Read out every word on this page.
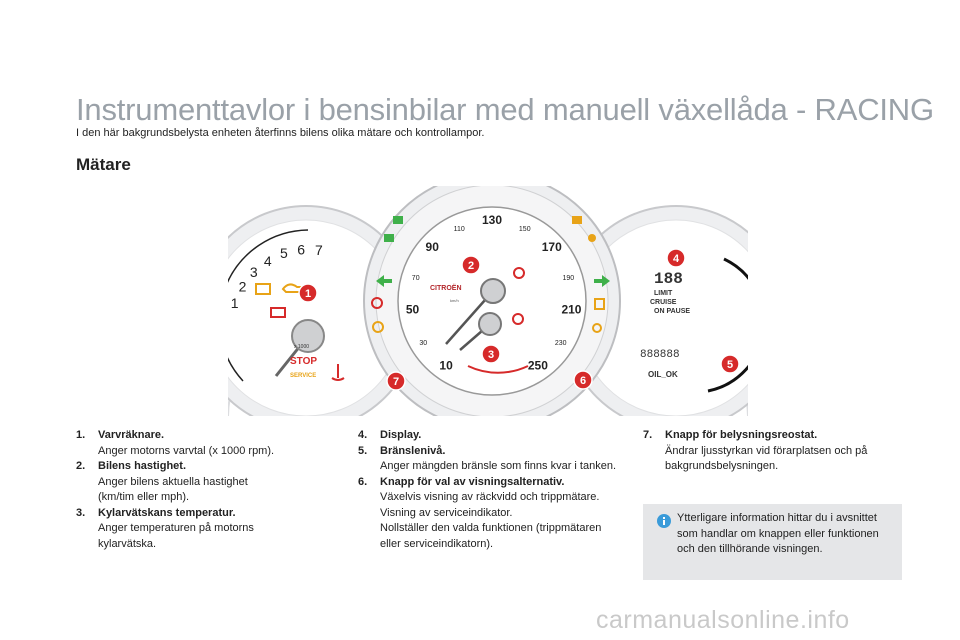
Instrumenttavlor i bensinbilar med manuell växellåda - RACING
I den här bakgrundsbelysta enheten återfinns bilens olika mätare och kontrollampor.
Mätare
1
2
3
4 5 6 7
x 1000
STOP
SERVICE
188
LIMIT
CRUISE
ON PAUSE
888888
OIL_OK
10
30
50
70
90
110
130
150
170
190
210
230
250
CITROËN
km/h
1
2
3
4
5
6
7
1.	Varvräknare.
Anger motorns varvtal (x 1000 rpm).
2.	Bilens hastighet.
Anger bilens aktuella hastighet (km/tim eller mph).
3.	Kylarvätskans temperatur.
Anger temperaturen på motorns kylarvätska.
4.	Display.
5.	Bränslenivå.
Anger mängden bränsle som finns kvar i tanken.
6.	Knapp för val av visningsalternativ.
Växelvis visning av räckvidd och trippmätare.
Visning av serviceindikator.
Nollställer den valda funktionen (trippmätaren eller serviceindikatorn).
7.	Knapp för belysningsreostat.
Ändrar ljusstyrkan vid förarplatsen och på bakgrundsbelysningen.
Ytterligare information hittar du i avsnittet som handlar om knappen eller funktionen och den tillhörande visningen.
carmanualsonline.info
